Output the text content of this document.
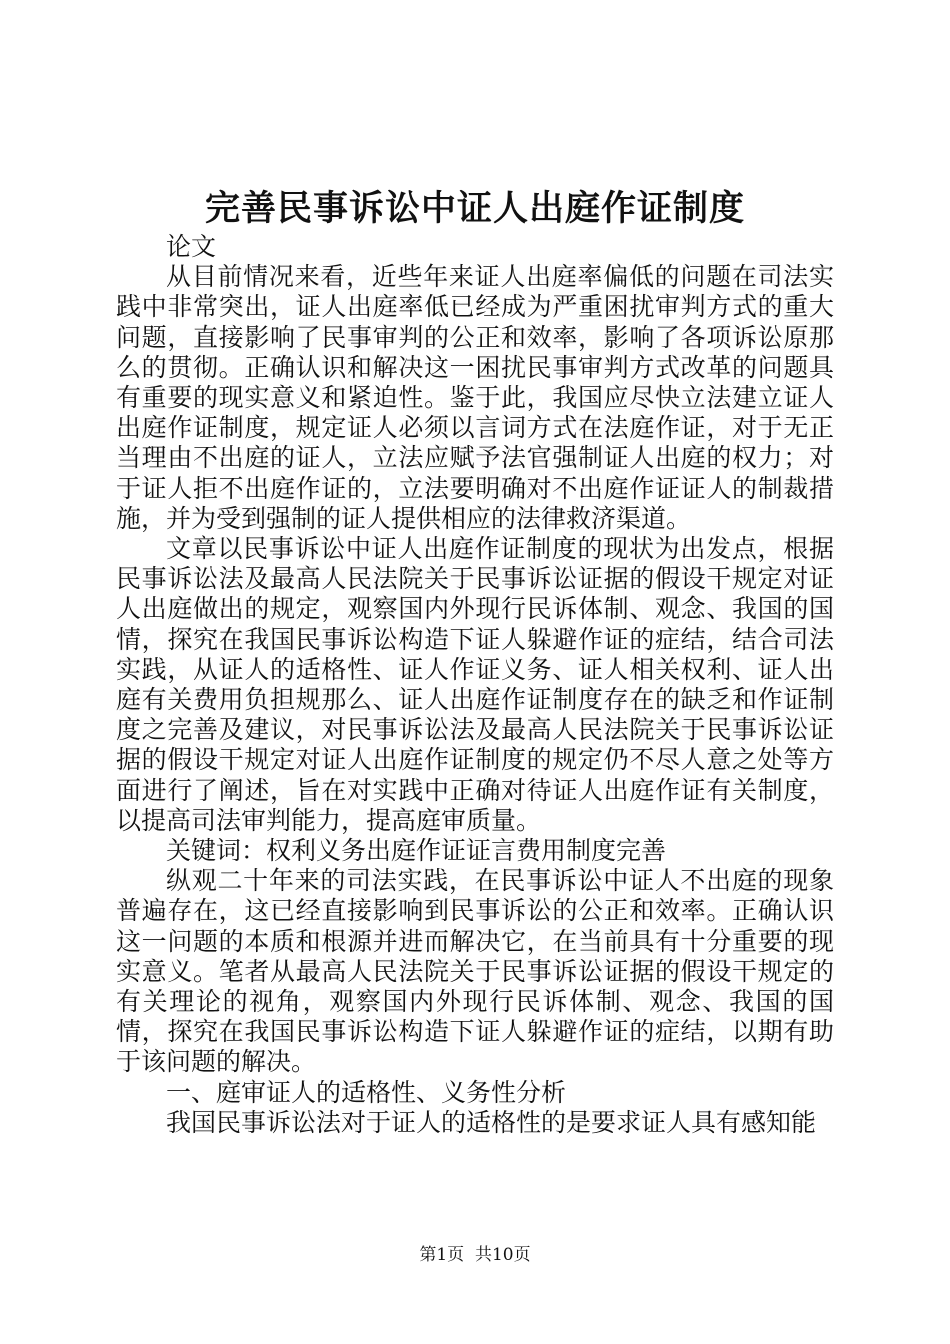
完善民事诉讼中证人出庭作证制度

论文

从目前情况来看，近些年来证人出庭率偏低的问题在司法实践中非常突出，证人出庭率低已经成为严重困扰审判方式的重大问题，直接影响了民事审判的公正和效率，影响了各项诉讼原那么的贯彻。正确认识和解决这一困扰民事审判方式改革的问题具有重要的现实意义和紧迫性。鉴于此，我国应尽快立法建立证人出庭作证制度，规定证人必须以言词方式在法庭作证，对于无正当理由不出庭的证人，立法应赋予法官强制证人出庭的权力；对于证人拒不出庭作证的，立法要明确对不出庭作证证人的制裁措施，并为受到强制的证人提供相应的法律救济渠道。

文章以民事诉讼中证人出庭作证制度的现状为出发点，根据民事诉讼法及最高人民法院关于民事诉讼证据的假设干规定对证人出庭做出的规定，观察国内外现行民诉体制、观念、我国的国情，探究在我国民事诉讼构造下证人躲避作证的症结，结合司法实践，从证人的适格性、证人作证义务、证人相关权利、证人出庭有关费用负担规那么、证人出庭作证制度存在的缺乏和作证制度之完善及建议，对民事诉讼法及最高人民法院关于民事诉讼证据的假设干规定对证人出庭作证制度的规定仍不尽人意之处等方面进行了阐述，旨在对实践中正确对待证人出庭作证有关制度，以提高司法审判能力，提高庭审质量。

关键词：权利义务出庭作证证言费用制度完善

纵观二十年来的司法实践，在民事诉讼中证人不出庭的现象普遍存在，这已经直接影响到民事诉讼的公正和效率。正确认识这一问题的本质和根源并进而解决它，在当前具有十分重要的现实意义。笔者从最高人民法院关于民事诉讼证据的假设干规定的有关理论的视角，观察国内外现行民诉体制、观念、我国的国情，探究在我国民事诉讼构造下证人躲避作证的症结，以期有助于该问题的解决。

一、庭审证人的适格性、义务性分析

我国民事诉讼法对于证人的适格性的是要求证人具有感知能

第1页  共10页
